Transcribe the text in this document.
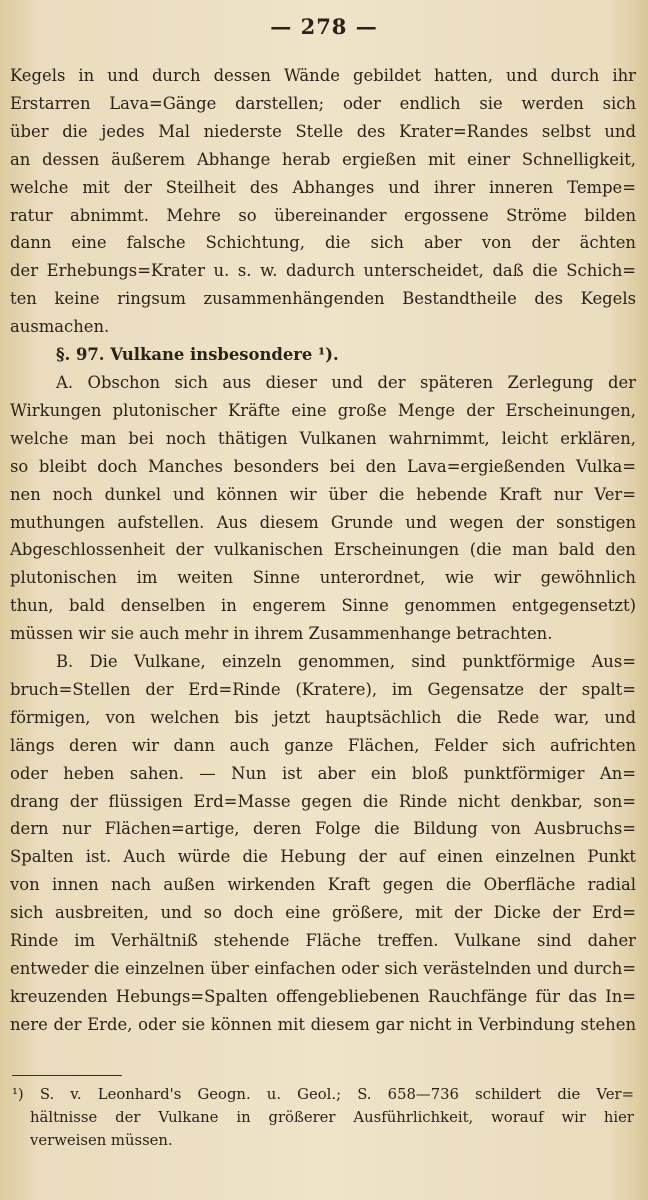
— 278 —
Kegels in und durch dessen Wände gebildet hatten, und durch ihr
Erstarren Lava=Gänge darstellen; oder endlich sie werden sich
über die jedes Mal niederste Stelle des Krater=Randes selbst und
an dessen äußerem Abhange herab ergießen mit einer Schnelligkeit,
welche mit der Steilheit des Abhanges und ihrer inneren Tempe=
ratur abnimmt. Mehre so übereinander ergossene Ströme bilden
dann eine falsche Schichtung, die sich aber von der ächten
der Erhebungs=Krater u. s. w. dadurch unterscheidet, daß die Schich=
ten keine ringsum zusammenhängenden Bestandtheile des Kegels
ausmachen.
§. 97. Vulkane insbesondere ¹).
A. Obschon sich aus dieser und der späteren Zerlegung der
Wirkungen plutonischer Kräfte eine große Menge der Erscheinungen,
welche man bei noch thätigen Vulkanen wahrnimmt, leicht erklären,
so bleibt doch Manches besonders bei den Lava=ergießenden Vulka=
nen noch dunkel und können wir über die hebende Kraft nur Ver=
muthungen aufstellen. Aus diesem Grunde und wegen der sonstigen
Abgeschlossenheit der vulkanischen Erscheinungen (die man bald den
plutonischen im weiten Sinne unterordnet, wie wir gewöhnlich
thun, bald denselben in engerem Sinne genommen entgegensetzt)
müssen wir sie auch mehr in ihrem Zusammenhange betrachten.
B. Die Vulkane, einzeln genommen, sind punktförmige Aus=
bruch=Stellen der Erd=Rinde (Kratere), im Gegensatze der spalt=
förmigen, von welchen bis jetzt hauptsächlich die Rede war, und
längs deren wir dann auch ganze Flächen, Felder sich aufrichten
oder heben sahen. — Nun ist aber ein bloß punktförmiger An=
drang der flüssigen Erd=Masse gegen die Rinde nicht denkbar, son=
dern nur Flächen=artige, deren Folge die Bildung von Ausbruchs=
Spalten ist. Auch würde die Hebung der auf einen einzelnen Punkt
von innen nach außen wirkenden Kraft gegen die Oberfläche radial
sich ausbreiten, und so doch eine größere, mit der Dicke der Erd=
Rinde im Verhältniß stehende Fläche treffen. Vulkane sind daher
entweder die einzelnen über einfachen oder sich verästelnden und durch=
kreuzenden Hebungs=Spalten offengebliebenen Rauchfänge für das In=
nere der Erde, oder sie können mit diesem gar nicht in Verbindung stehen
¹) S. v. Leonhard's Geogn. u. Geol.; S. 658—736 schildert die Ver=
hältnisse der Vulkane in größerer Ausführlichkeit, worauf wir hier
verweisen müssen.
